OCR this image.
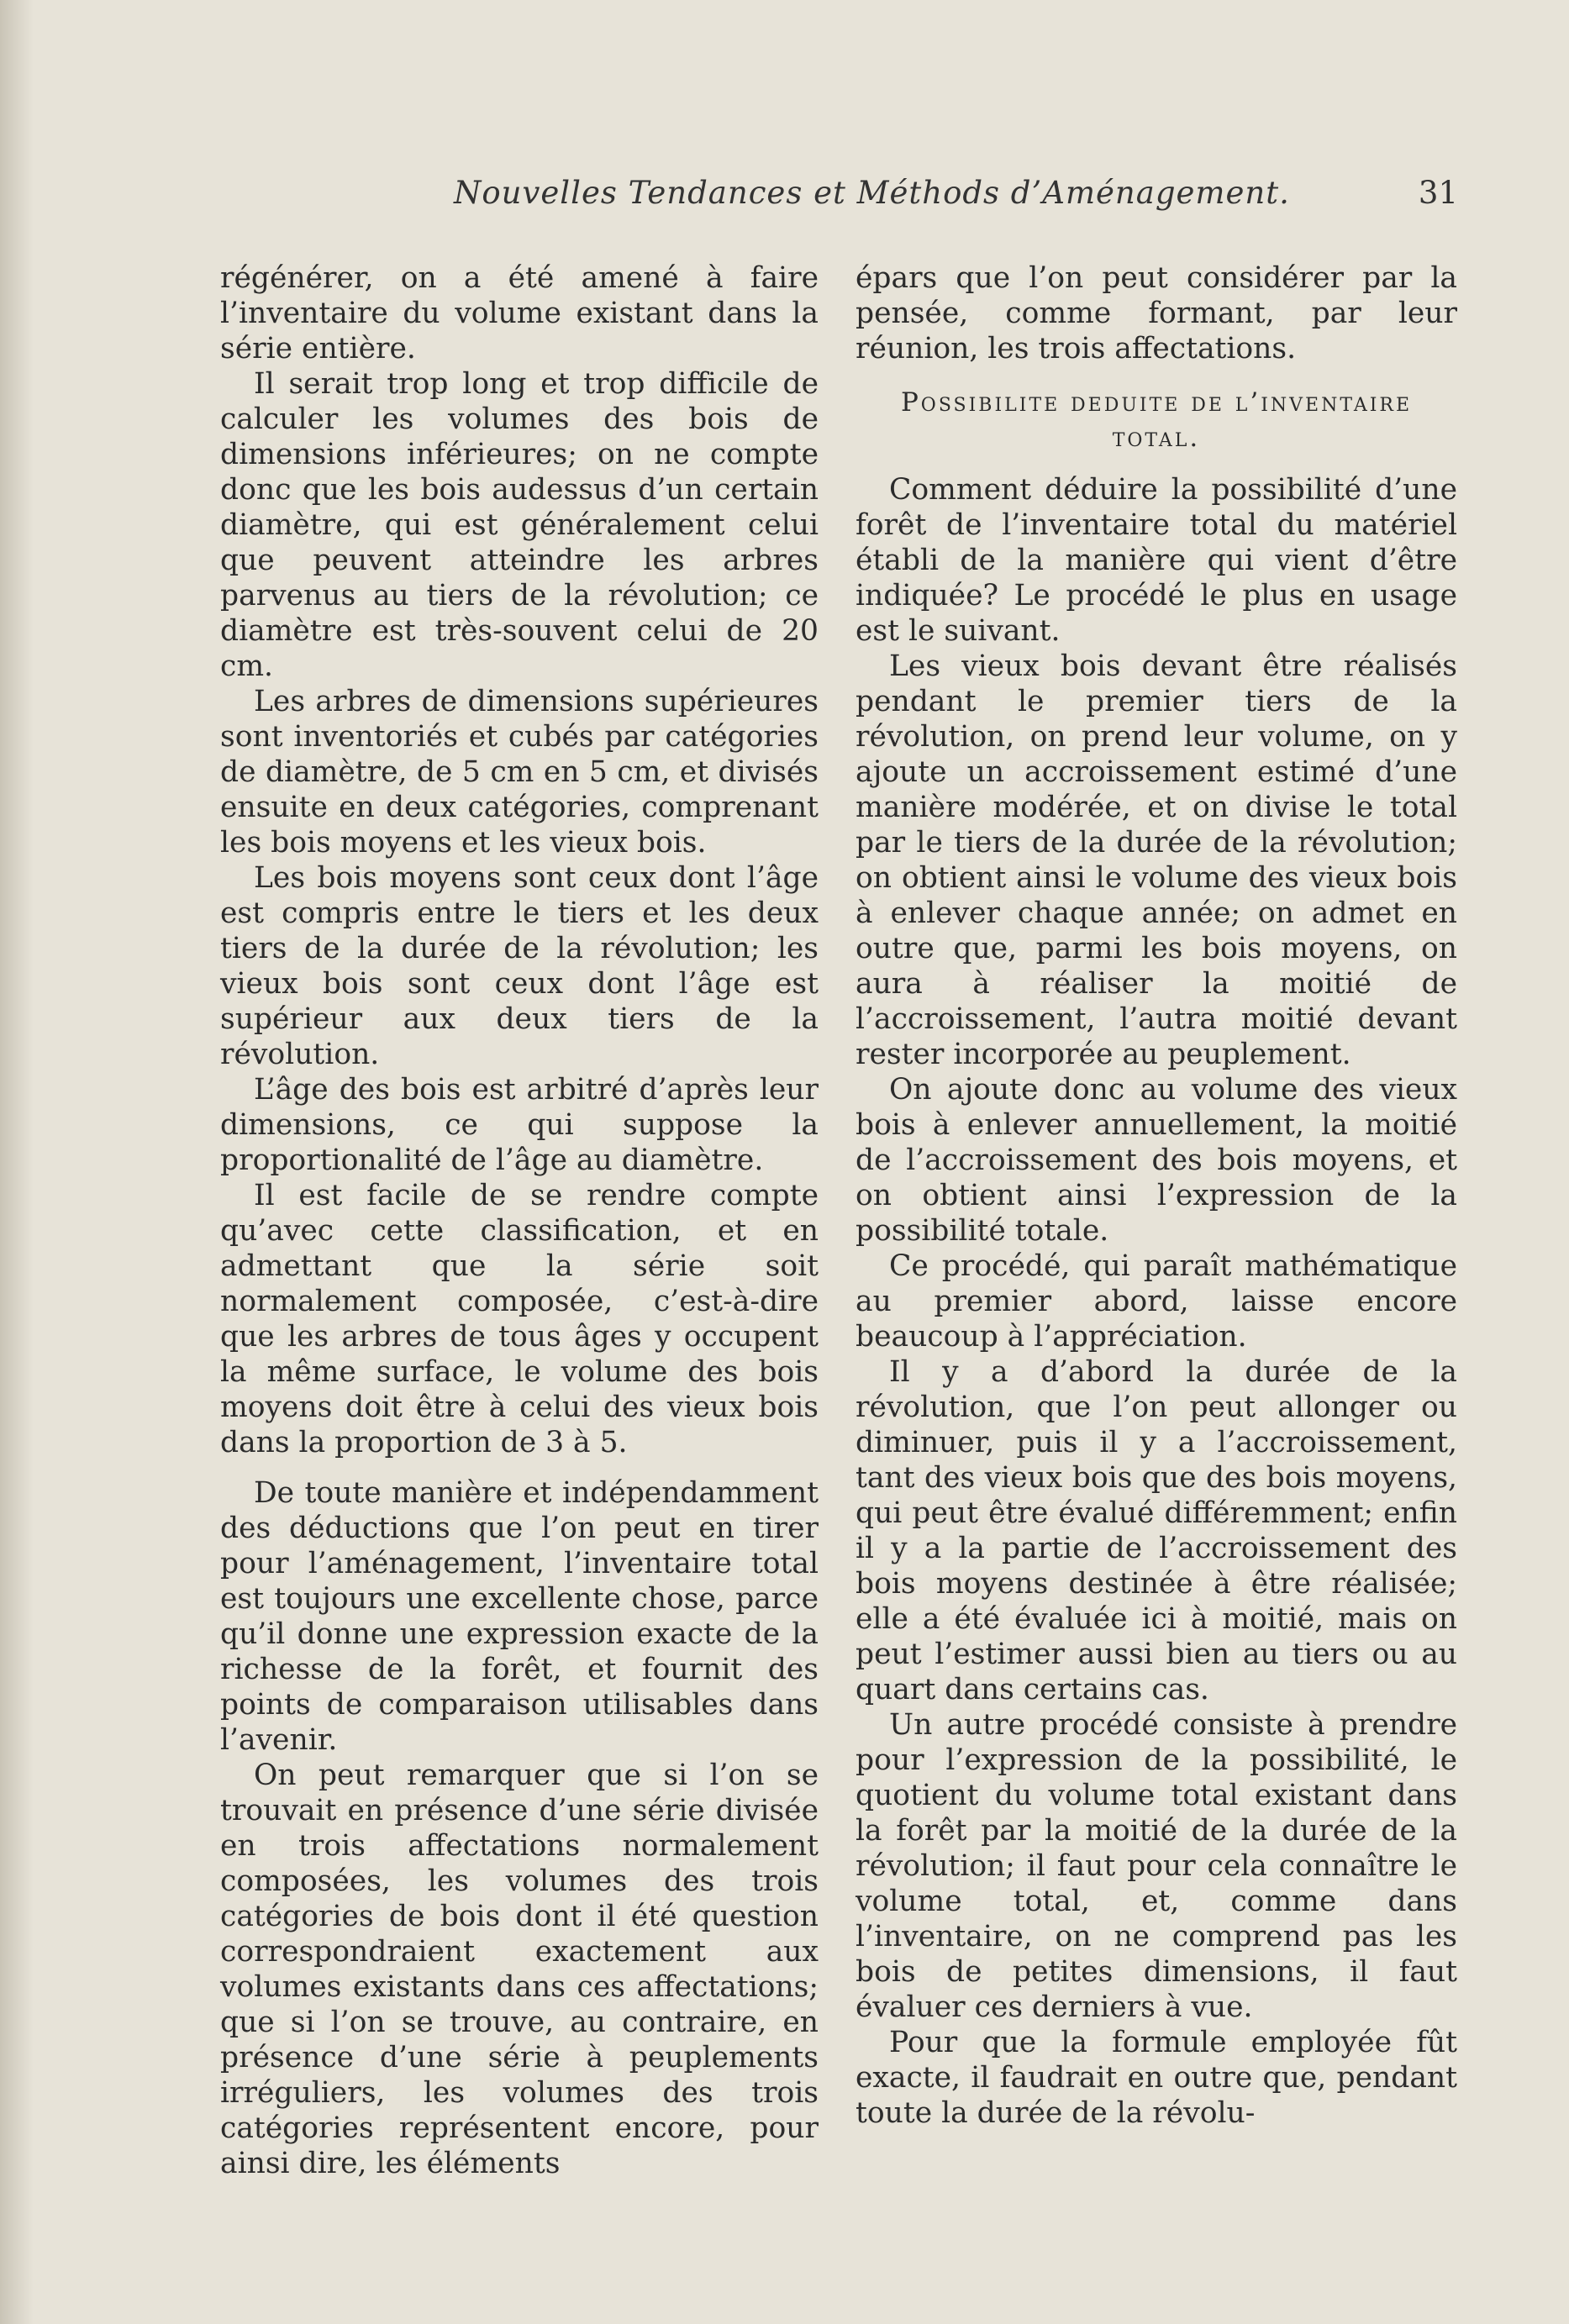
Nouvelles Tendances et Méthods d’Aménagement.	31

régénérer, on a été amené à faire l’inventaire du volume existant dans la série entière.

Il serait trop long et trop difficile de calculer les volumes des bois de dimensions inférieures; on ne compte donc que les bois audessus d’un certain diamètre, qui est généralement celui que peuvent atteindre les arbres parvenus au tiers de la révolution; ce diamètre est très-souvent celui de 20 cm.

Les arbres de dimensions supérieures sont inventoriés et cubés par catégories de diamètre, de 5 cm en 5 cm, et divisés ensuite en deux catégories, comprenant les bois moyens et les vieux bois.

Les bois moyens sont ceux dont l’âge est compris entre le tiers et les deux tiers de la durée de la révolution; les vieux bois sont ceux dont l’âge est supérieur aux deux tiers de la révolution.

L’âge des bois est arbitré d’après leur dimensions, ce qui suppose la proportionalité de l’âge au diamètre.

Il est facile de se rendre compte qu’avec cette classification, et en admettant que la série soit normalement composée, c’est-à-dire que les arbres de tous âges y occupent la même surface, le volume des bois moyens doit être à celui des vieux bois dans la proportion de 3 à 5.

De toute manière et indépendamment des déductions que l’on peut en tirer pour l’aménagement, l’inventaire total est toujours une excellente chose, parce qu’il donne une expression exacte de la richesse de la forêt, et fournit des points de comparaison utilisables dans l’avenir.

On peut remarquer que si l’on se trouvait en présence d’une série divisée en trois affectations normalement composées, les volumes des trois catégories de bois dont il été question correspondraient exactement aux volumes existants dans ces affectations; que si l’on se trouve, au contraire, en présence d’une série à peuplements irréguliers, les volumes des trois catégories représentent encore, pour ainsi dire, les éléments

épars que l’on peut considérer par la pensée, comme formant, par leur réunion, les trois affectations.

Possibilite deduite de l’inventaire total.

Comment déduire la possibilité d’une forêt de l’inventaire total du matériel établi de la manière qui vient d’être indiquée? Le procédé le plus en usage est le suivant.

Les vieux bois devant être réalisés pendant le premier tiers de la révolution, on prend leur volume, on y ajoute un accroissement estimé d’une manière modérée, et on divise le total par le tiers de la durée de la révolution; on obtient ainsi le volume des vieux bois à enlever chaque année; on admet en outre que, parmi les bois moyens, on aura à réaliser la moitié de l’accroissement, l’autra moitié devant rester incorporée au peuplement.

On ajoute donc au volume des vieux bois à enlever annuellement, la moitié de l’accroissement des bois moyens, et on obtient ainsi l’expression de la possibilité totale.

Ce procédé, qui paraît mathématique au premier abord, laisse encore beaucoup à l’appréciation.

Il y a d’abord la durée de la révolution, que l’on peut allonger ou diminuer, puis il y a l’accroissement, tant des vieux bois que des bois moyens, qui peut être évalué différemment; enfin il y a la partie de l’accroissement des bois moyens destinée à être réalisée; elle a été évaluée ici à moitié, mais on peut l’estimer aussi bien au tiers ou au quart dans certains cas.

Un autre procédé consiste à prendre pour l’expression de la possibilité, le quotient du volume total existant dans la forêt par la moitié de la durée de la révolution; il faut pour cela connaître le volume total, et, comme dans l’inventaire, on ne comprend pas les bois de petites dimensions, il faut évaluer ces derniers à vue.

Pour que la formule employée fût exacte, il faudrait en outre que, pendant toute la durée de la révolu-
